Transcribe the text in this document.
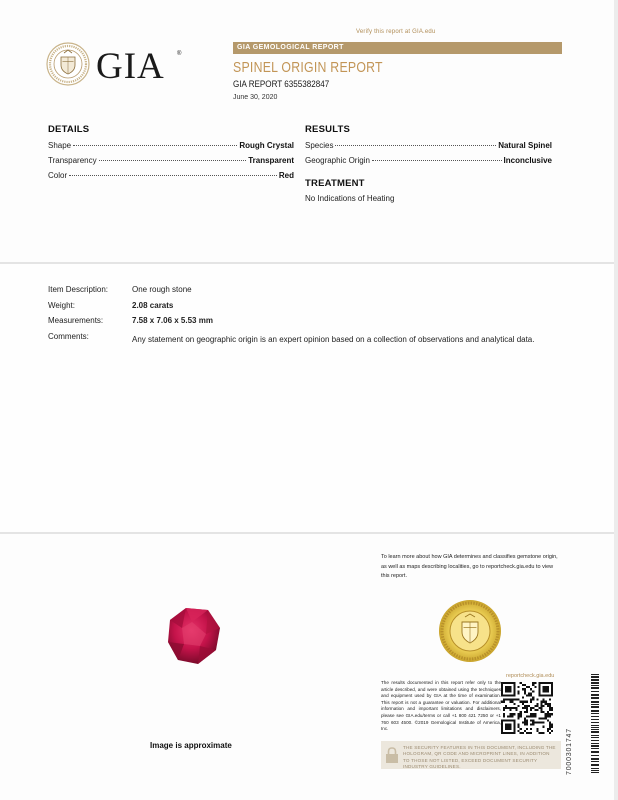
Verify this report at GIA.edu
GIA ®
GIA GEMOLOGICAL REPORT
SPINEL ORIGIN REPORT
GIA REPORT 6355382847
June 30, 2020
DETAILS
Shape	Rough Crystal
Transparency	Transparent
Color	Red
RESULTS
Species	Natural Spinel
Geographic Origin	Inconclusive
TREATMENT
No Indications of Heating
Item Description:	One rough stone
Weight:	2.08 carats
Measurements:	7.58 x 7.06 x 5.53 mm
Comments:	Any statement on geographic origin is an expert opinion based on a collection of observations and analytical data.
Image is approximate
To learn more about how GIA determines and classifies gemstone origin, as well as maps describing localities, go to reportcheck.gia.edu to view this report.
reportcheck.gia.edu
The results documented in this report refer only to the article described, and were obtained using the techniques and equipment used by GIA at the time of examination. This report is not a guarantee or valuation. For additional information and important limitations and disclaimers, please see GIA.edu/terms or call +1 800 421 7250 or +1 760 603 4500. ©2019 Gemological Institute of America, Inc.
THE SECURITY FEATURES IN THIS DOCUMENT, INCLUDING THE HOLOGRAM, QR CODE AND MICROPRINT LINES, IN ADDITION TO THOSE NOT LISTED, EXCEED DOCUMENT SECURITY INDUSTRY GUIDELINES.	7000301747
